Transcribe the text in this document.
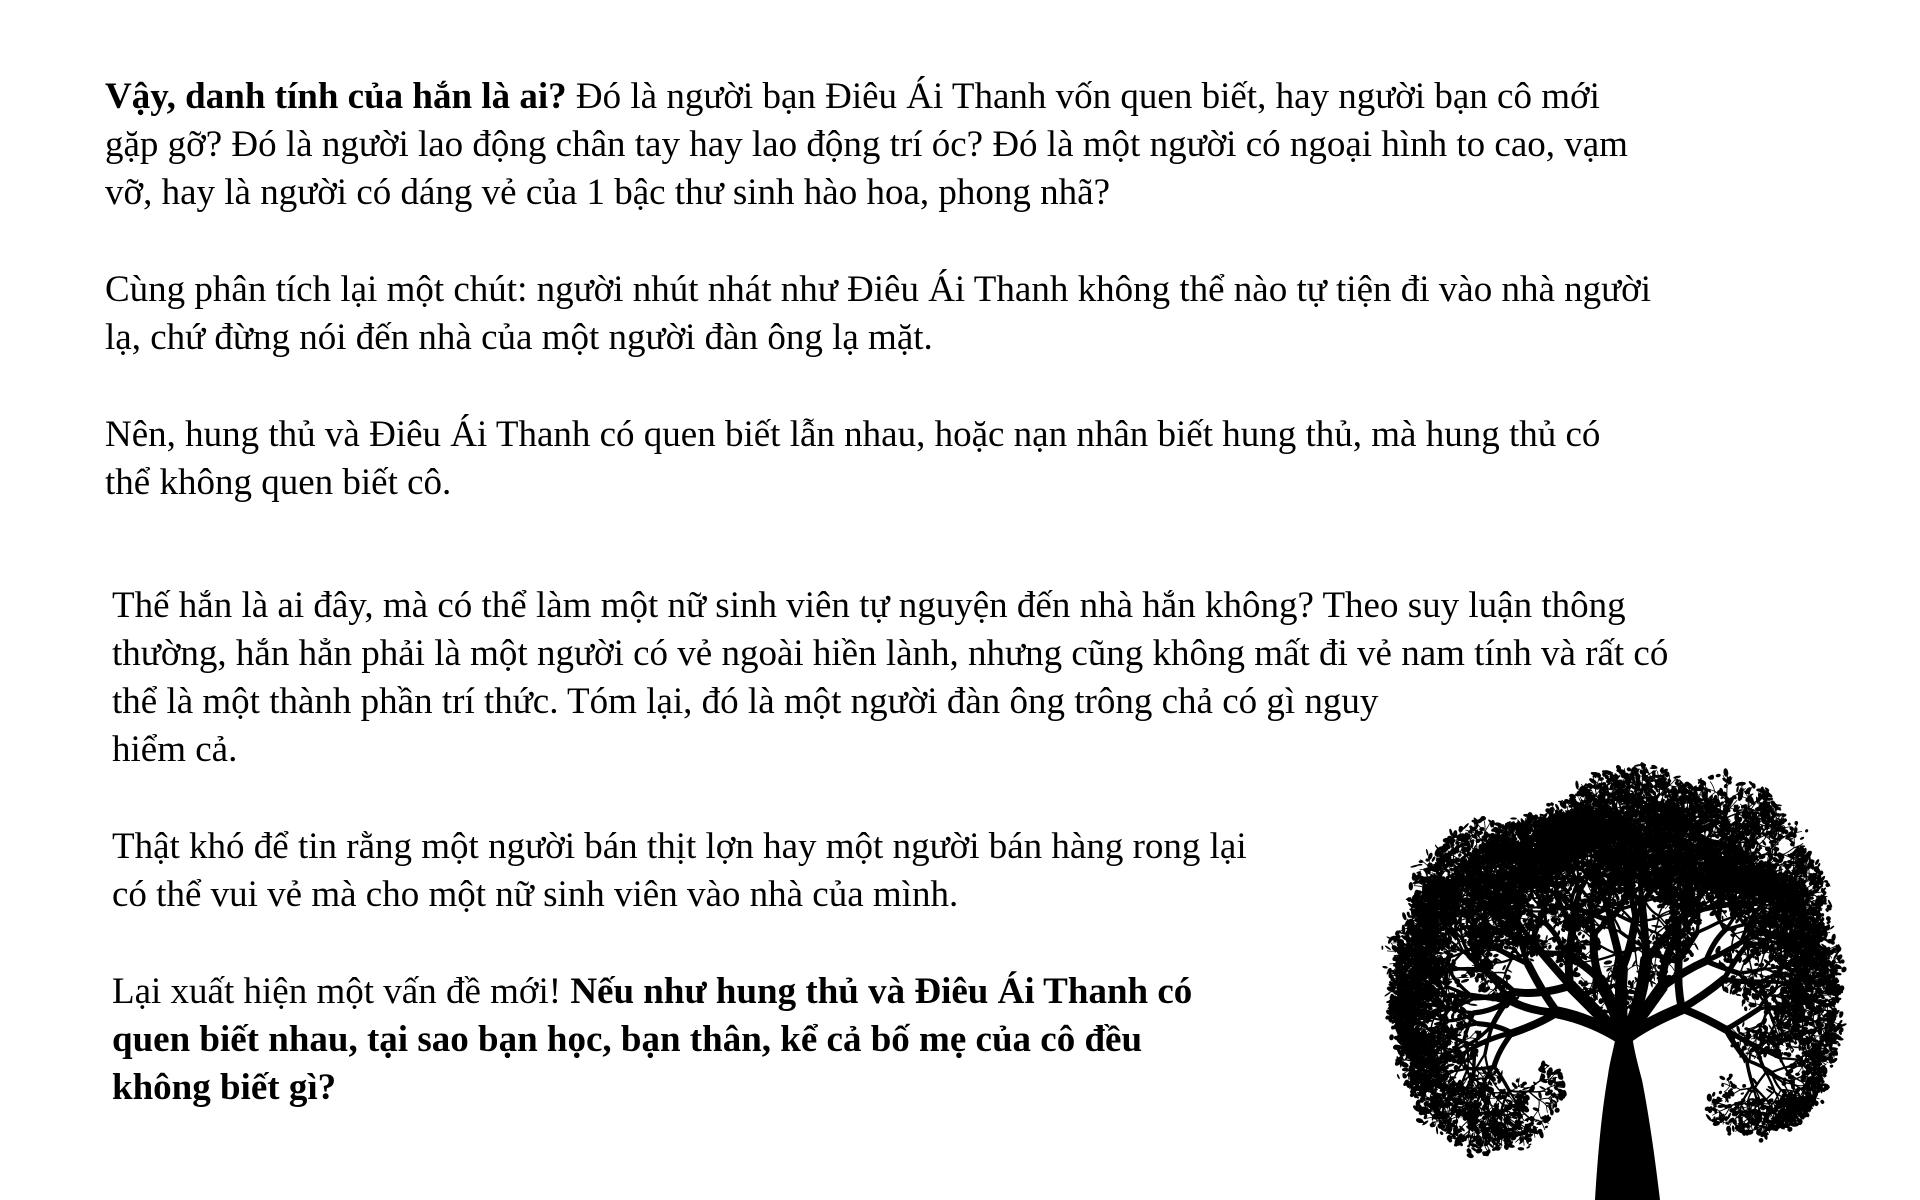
Vậy, danh tính của hắn là ai? Đó là người bạn Điêu Ái Thanh vốn quen biết, hay người bạn cô mới
gặp gỡ? Đó là người lao động chân tay hay lao động trí óc? Đó là một người có ngoại hình to cao, vạm
vỡ, hay là người có dáng vẻ của 1 bậc thư sinh hào hoa, phong nhã?

Cùng phân tích lại một chút: người nhút nhát như Điêu Ái Thanh không thể nào tự tiện đi vào nhà người
lạ, chứ đừng nói đến nhà của một người đàn ông lạ mặt.

Nên, hung thủ và Điêu Ái Thanh có quen biết lẫn nhau, hoặc nạn nhân biết hung thủ, mà hung thủ có
thể không quen biết cô.

Thế hắn là ai đây, mà có thể làm một nữ sinh viên tự nguyện đến nhà hắn không? Theo suy luận thông
thường, hắn hẳn phải là một người có vẻ ngoài hiền lành, nhưng cũng không mất đi vẻ nam tính và rất có
thể là một thành phần trí thức. Tóm lại, đó là một người đàn ông trông chả có gì nguy
hiểm cả.

Thật khó để tin rằng một người bán thịt lợn hay một người bán hàng rong lại
có thể vui vẻ mà cho một nữ sinh viên vào nhà của mình.

Lại xuất hiện một vấn đề mới! Nếu như hung thủ và Điêu Ái Thanh có
quen biết nhau, tại sao bạn học, bạn thân, kể cả bố mẹ của cô đều
không biết gì?
